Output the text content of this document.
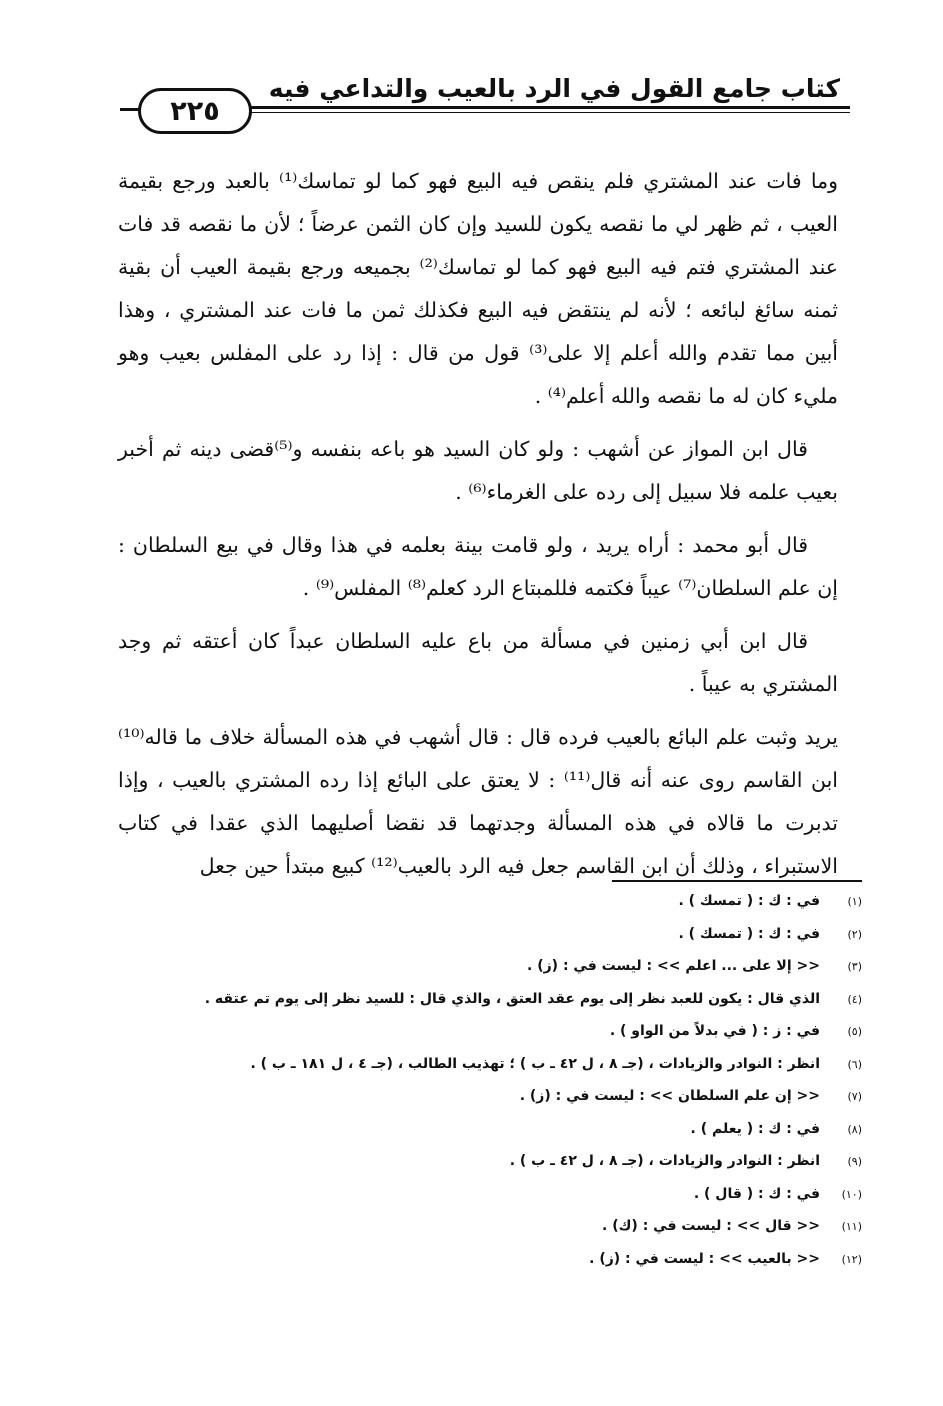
كتاب جامع القول في الرد بالعيب والتداعي فيه
٢٢٥

وما فات عند المشتري فلم ينقص فيه البيع فهو كما لو تماسك⁽¹⁾ بالعبد ورجع بقيمة العيب ، ثم ظهر لي ما نقصه يكون للسيد وإن كان الثمن عرضاً ؛ لأن ما نقصه قد فات عند المشتري فتم فيه البيع فهو كما لو تماسك⁽²⁾ بجميعه ورجع بقيمة العيب أن بقية ثمنه سائغ لبائعه ؛ لأنه لم ينتقض فيه البيع فكذلك ثمن ما فات عند المشتري ، وهذا أبين مما تقدم والله أعلم إلا على⁽³⁾ قول من قال : إذا رد على المفلس بعيب وهو مليء كان له ما نقصه والله أعلم⁽⁴⁾ .

قال ابن المواز عن أشهب : ولو كان السيد هو باعه بنفسه و⁽⁵⁾قضى دينه ثم أخبر بعيب علمه فلا سبيل إلى رده على الغرماء⁽⁶⁾ .

قال أبو محمد : أراه يريد ، ولو قامت بينة بعلمه في هذا وقال في بيع السلطان : إن علم السلطان⁽⁷⁾ عيباً فكتمه فللمبتاع الرد كعلم⁽⁸⁾ المفلس⁽⁹⁾ .

قال ابن أبي زمنين في مسألة من باع عليه السلطان عبداً كان أعتقه ثم وجد المشتري به عيباً .

يريد وثبت علم البائع بالعيب فرده قال : قال أشهب في هذه المسألة خلاف ما قاله⁽¹⁰⁾ ابن القاسم روى عنه أنه قال⁽¹¹⁾ : لا يعتق على البائع إذا رده المشتري بالعيب ، وإذا تدبرت ما قالاه في هذه المسألة وجدتهما قد نقضا أصليهما الذي عقدا في كتاب الاستبراء ، وذلك أن ابن القاسم جعل فيه الرد بالعيب⁽¹²⁾ كبيع مبتدأ حين جعل

(١)
في : ك : ( تمسك ) .
(٢)
في : ك : ( تمسك ) .
(٣)
<< إلا على ... اعلم >> : ليست في : (ز) .
(٤)
الذي قال : يكون للعبد نظر إلى يوم عقد العتق ، والذي قال : للسيد نظر إلى يوم تم عتقه .
(٥)
في : ز : ( في بدلاً من الواو ) .
(٦)
انظر : النوادر والزيادات ، (جـ ٨ ، ل ٤٢ ـ ب ) ؛ تهذيب الطالب ، (جـ ٤ ، ل ١٨١ ـ ب ) .
(٧)
<< إن علم السلطان >> : ليست في : (ز) .
(٨)
في : ك : ( يعلم ) .
(٩)
انظر : النوادر والزيادات ، (جـ ٨ ، ل ٤٢ ـ ب ) .
(١٠)
في : ك : ( قال ) .
(١١)
<< قال >> : ليست في : (ك) .
(١٢)
<< بالعيب >> : ليست في : (ز) .
